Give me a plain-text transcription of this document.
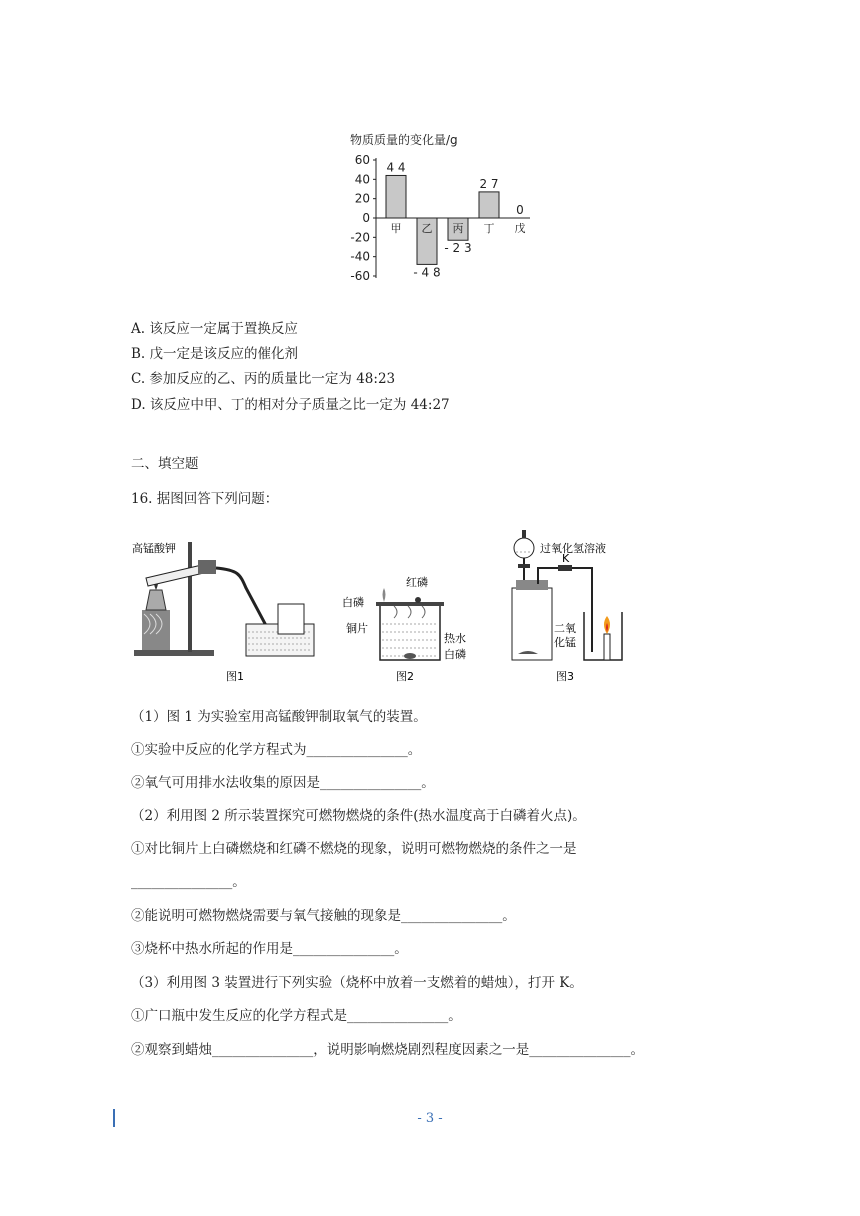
物质质量的变化量/g
60
40
20
0
-20
-40
-60
甲
4 4
乙
- 4 8
丙
- 2 3
丁
2 7
戊
0
A. 该反应一定属于置换反应
B. 戊一定是该反应的催化剂
C. 参加反应的乙、丙的质量比一定为 48:23
D. 该反应中甲、丁的相对分子质量之比一定为 44:27
二、填空题
16. 据图回答下列问题：
高锰酸钾
图1
红磷
白磷
铜片
热水
白磷
图2
过氧化氢溶液
K
二氧
化锰
图3
（1）图 1 为实验室用高锰酸钾制取氧气的装置。
①实验中反应的化学方程式为_______________。
②氧气可用排水法收集的原因是_______________。
（2）利用图 2 所示装置探究可燃物燃烧的条件(热水温度高于白磷着火点)。
①对比铜片上白磷燃烧和红磷不燃烧的现象，说明可燃物燃烧的条件之一是
_______________。
②能说明可燃物燃烧需要与氧气接触的现象是_______________。
③烧杯中热水所起的作用是_______________。
（3）利用图 3 装置进行下列实验（烧杯中放着一支燃着的蜡烛），打开 K。
①广口瓶中发生反应的化学方程式是_______________。
②观察到蜡烛_______________，说明影响燃烧剧烈程度因素之一是_______________。
- 3 -
